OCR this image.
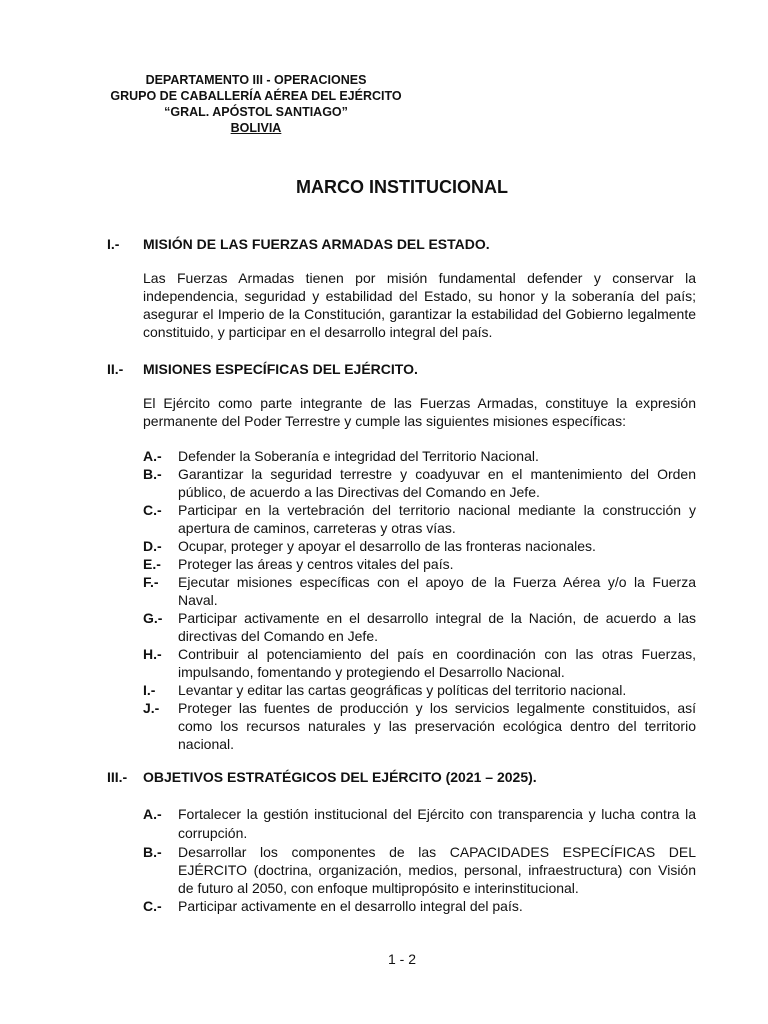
DEPARTAMENTO III - OPERACIONES
GRUPO DE CABALLERÍA AÉREA DEL EJÉRCITO
“GRAL. APÓSTOL SANTIAGO”
BOLIVIA
MARCO INSTITUCIONAL
I.- MISIÓN DE LAS FUERZAS ARMADAS DEL ESTADO.
Las Fuerzas Armadas tienen por misión fundamental defender y conservar la independencia, seguridad y estabilidad del Estado, su honor y la soberanía del país; asegurar el Imperio de la Constitución, garantizar la estabilidad del Gobierno legalmente constituido, y participar en el desarrollo integral del país.
II.- MISIONES ESPECÍFICAS DEL EJÉRCITO.
El Ejército como parte integrante de las Fuerzas Armadas, constituye la expresión permanente del Poder Terrestre y cumple las siguientes misiones específicas:
A.-	Defender la Soberanía e integridad del Territorio Nacional.
B.-	Garantizar la seguridad terrestre y coadyuvar en el mantenimiento del Orden público, de acuerdo a las Directivas del Comando en Jefe.
C.-	Participar en la vertebración del territorio nacional mediante la construcción y apertura de caminos, carreteras y otras vías.
D.-	Ocupar, proteger y apoyar el desarrollo de las fronteras nacionales.
E.-	Proteger las áreas y centros vitales del país.
F.-	Ejecutar misiones específicas con el apoyo de la Fuerza Aérea y/o la Fuerza Naval.
G.-	Participar activamente en el desarrollo integral de la Nación, de acuerdo a las directivas del Comando en Jefe.
H.-	Contribuir al potenciamiento del país en coordinación con las otras Fuerzas, impulsando, fomentando y protegiendo el Desarrollo Nacional.
I.-	Levantar y editar las cartas geográficas y políticas del territorio nacional.
J.-	Proteger las fuentes de producción y los servicios legalmente constituidos, así como los recursos naturales y las preservación ecológica dentro del territorio nacional.
III.- OBJETIVOS ESTRATÉGICOS DEL EJÉRCITO (2021 – 2025).
A.-	Fortalecer la gestión institucional del Ejército con transparencia y lucha contra la corrupción.
B.-	Desarrollar los componentes de las CAPACIDADES ESPECÍFICAS DEL EJÉRCITO (doctrina, organización, medios, personal, infraestructura) con Visión de futuro al 2050, con enfoque multipropósito e interinstitucional.
C.-	Participar activamente en el desarrollo integral del país.
1 - 2
